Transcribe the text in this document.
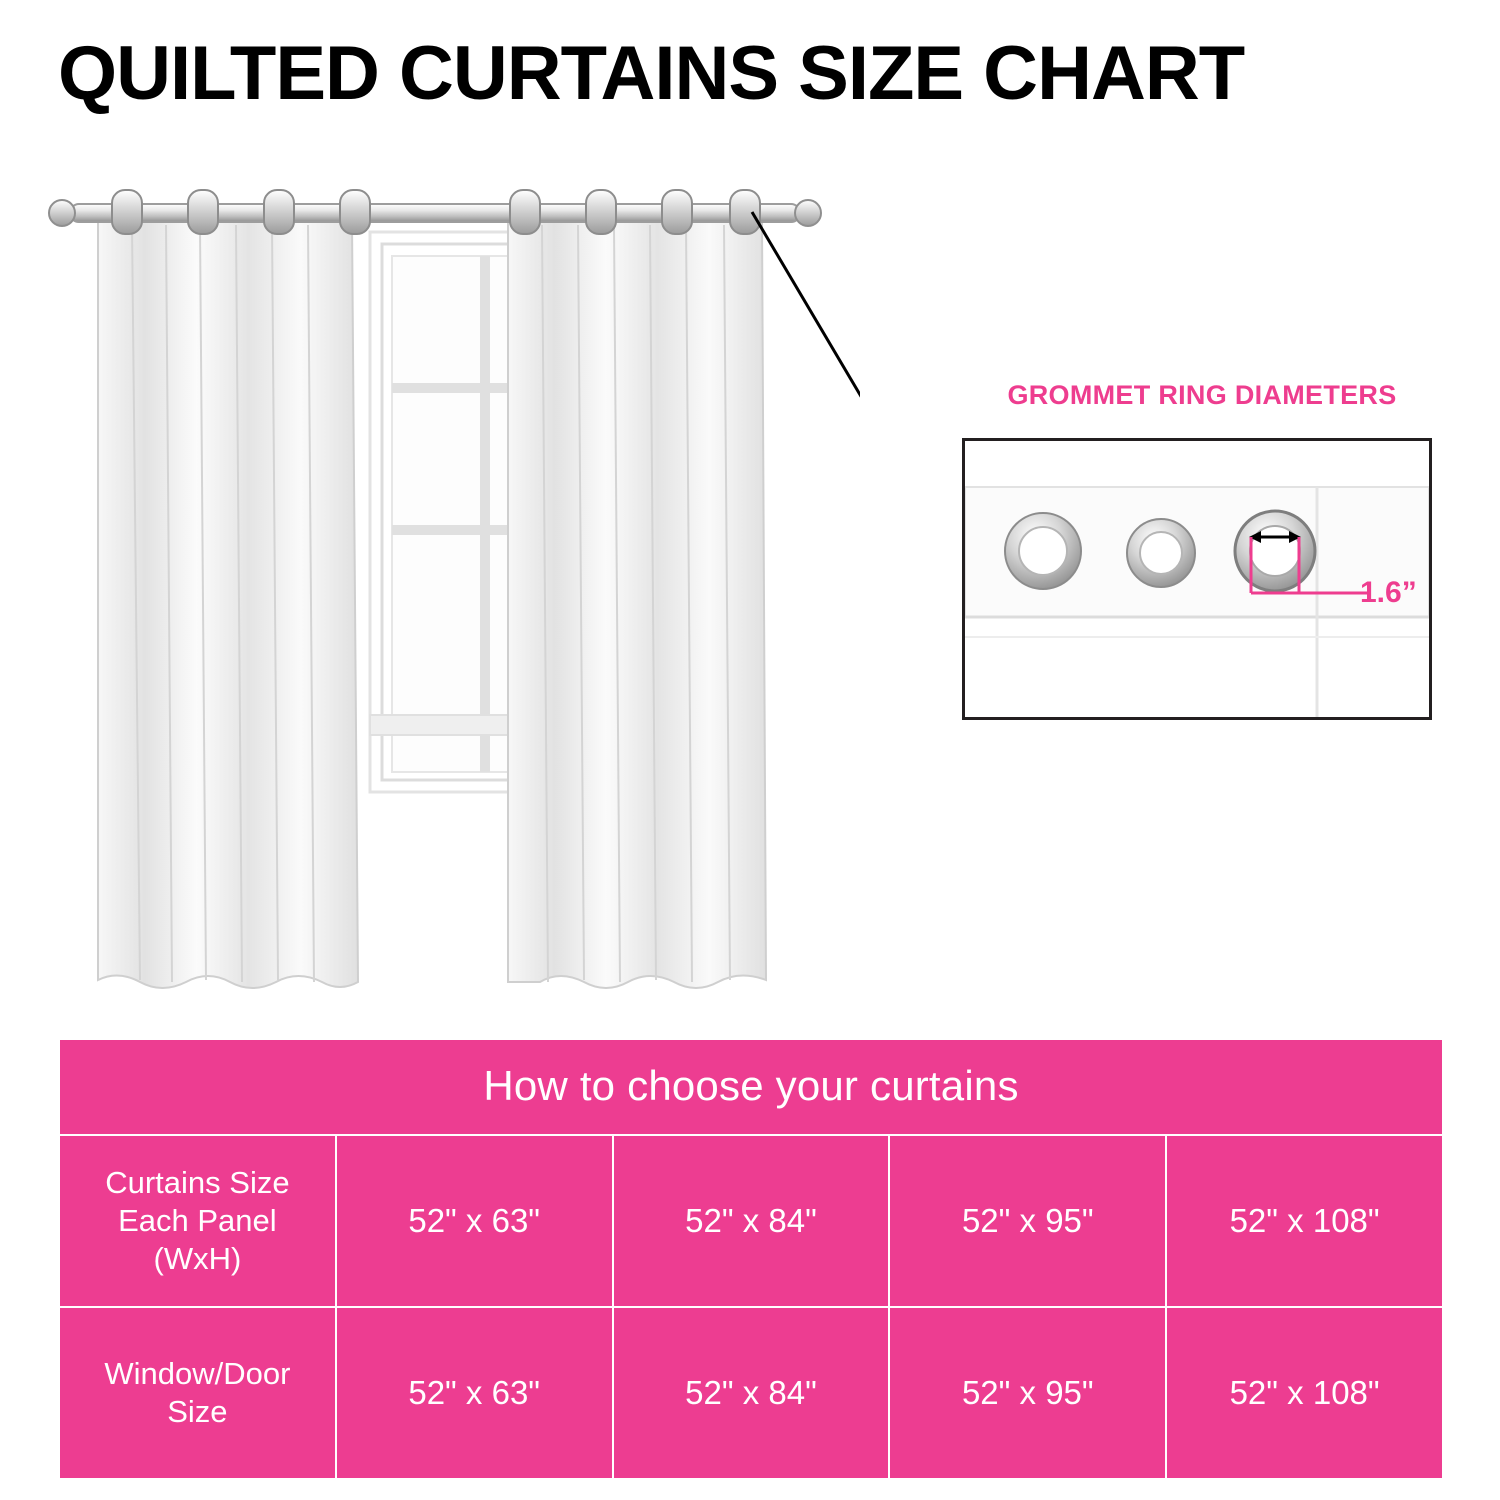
QUILTED CURTAINS SIZE CHART
GROMMET RING DIAMETERS
1.6”
How to choose your curtains				

Curtains Size
Each Panel
(WxH)	52" x 63"	52" x 84"	52" x 95"	52" x 108"

Window/Door
Size	52" x 63"	52" x 84"	52" x 95"	52" x 108"
